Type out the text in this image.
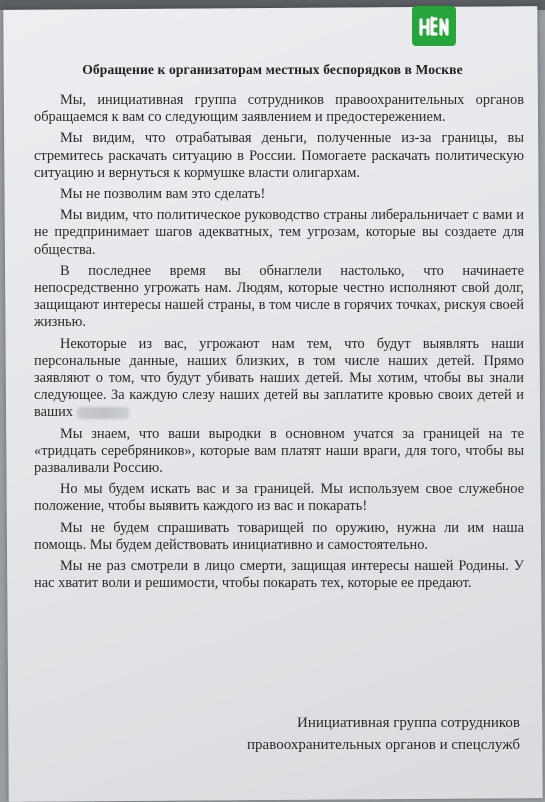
Обращение к организаторам местных беспорядков в Москве

Мы, инициативная группа сотрудников правоохранительных органов обращаемся к вам со следующим заявлением и предостережением.

Мы видим, что отрабатывая деньги, полученные из-за границы, вы стремитесь раскачать ситуацию в России. Помогаете раскачать политическую ситуацию и вернуться к кормушке власти олигархам.

Мы не позволим вам это сделать!

Мы видим, что политическое руководство страны либеральничает с вами и не предпринимает шагов адекватных, тем угрозам, которые вы создаете для общества.

В последнее время вы обнаглели настолько, что начинаете непосредственно угрожать нам. Людям, которые честно исполняют свой долг, защищают интересы нашей страны, в том числе в горячих точках, рискуя своей жизнью.

Некоторые из вас, угрожают нам тем, что будут выявлять наши персональные данные, наших близких, в том числе наших детей. Прямо заявляют о том, что будут убивать наших детей. Мы хотим, чтобы вы знали следующее. За каждую слезу наших детей вы заплатите кровью своих детей и ваших

Мы знаем, что ваши выродки в основном учатся за границей на те «тридцать серебряников», которые вам платят наши враги, для того, чтобы вы разваливали Россию.

Но мы будем искать вас и за границей. Мы используем свое служебное положение, чтобы выявить каждого из вас и покарать!

Мы не будем спрашивать товарищей по оружию, нужна ли им наша помощь. Мы будем действовать инициативно и самостоятельно.

Мы не раз смотрели в лицо смерти, защищая интересы нашей Родины. У нас хватит воли и решимости, чтобы покарать тех, которые ее предают.

Инициативная группа сотрудников
правоохранительных органов и спецслужб
